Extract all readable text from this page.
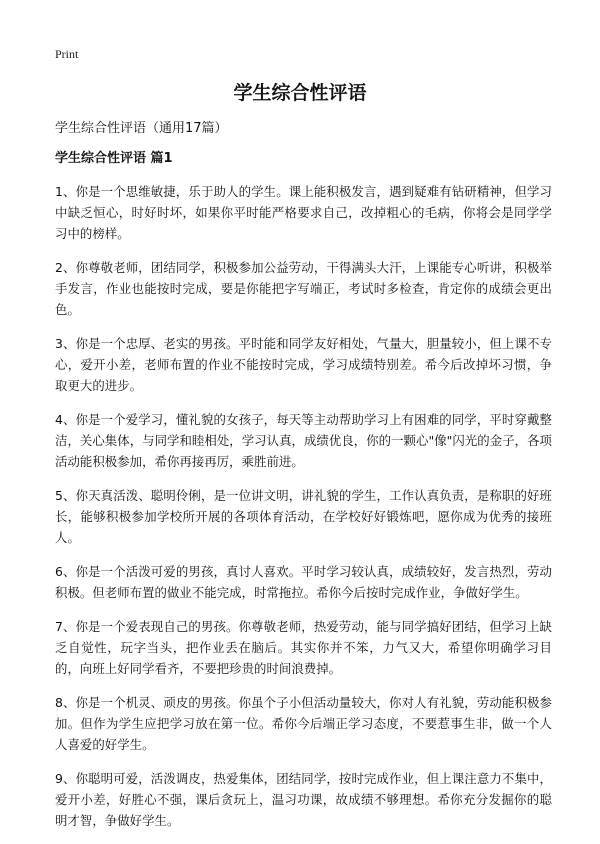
Print
学生综合性评语
学生综合性评语（通用17篇）
学生综合性评语 篇1

1、你是一个思维敏捷，乐于助人的学生。课上能积极发言，遇到疑难有钻研精神，但学习中缺乏恒心，时好时坏，如果你平时能严格要求自己，改掉粗心的毛病，你将会是同学学习中的榜样。

2、你尊敬老师，团结同学，积极参加公益劳动，干得满头大汗，上课能专心听讲，积极举手发言，作业也能按时完成，要是你能把字写端正，考试时多检查，肯定你的成绩会更出色。

3、你是一个忠厚、老实的男孩。平时能和同学友好相处，气量大，胆量较小，但上课不专心，爱开小差，老师布置的作业不能按时完成，学习成绩特别差。希今后改掉坏习惯，争取更大的进步。

4、你是一个爱学习，懂礼貌的女孩子，每天等主动帮助学习上有困难的同学，平时穿戴整洁，关心集体，与同学和睦相处，学习认真，成绩优良，你的一颗心"像"闪光的金子，各项活动能积极参加，希你再接再厉，乘胜前进。

5、你天真活泼、聪明伶俐，是一位讲文明，讲礼貌的学生，工作认真负责，是称职的好班长，能够积极参加学校所开展的各项体育活动，在学校好好锻炼吧，愿你成为优秀的接班人。

6、你是一个活泼可爱的男孩，真讨人喜欢。平时学习较认真，成绩较好，发言热烈，劳动积极。但老师布置的做业不能完成，时常拖拉。希你今后按时完成作业，争做好学生。

7、你是一个爱表现自己的男孩。你尊敬老师，热爱劳动，能与同学搞好团结，但学习上缺乏自觉性，玩字当头，把作业丢在脑后。其实你并不笨，力气又大，希望你明确学习目的，向班上好同学看齐，不要把珍贵的时间浪费掉。

8、你是一个机灵、顽皮的男孩。你虽个子小但活动量较大，你对人有礼貌，劳动能积极参加。但作为学生应把学习放在第一位。希你今后端正学习态度，不要惹事生非，做一个人人喜爱的好学生。

9、你聪明可爱，活泼调皮，热爱集体，团结同学，按时完成作业，但上课注意力不集中，爱开小差，好胜心不强，课后贪玩上，温习功课，故成绩不够理想。希你充分发掘你的聪明才智，争做好学生。
